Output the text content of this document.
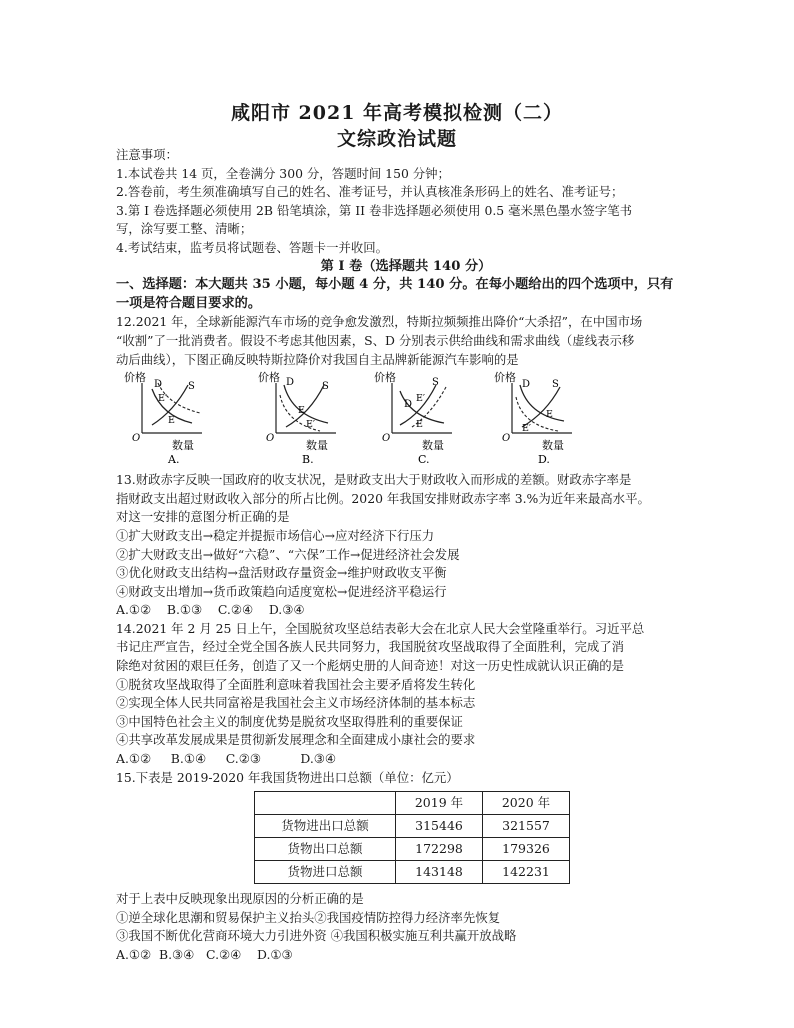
咸阳市 2021 年高考模拟检测（二）
文综政治试题
注意事项：
1.本试卷共 14 页，全卷满分 300 分，答题时间 150 分钟；
2.答卷前，考生须准确填写自己的姓名、准考证号，并认真核准条形码上的姓名、准考证号；
3.第 I 卷选择题必须使用 2B 铅笔填涂，第 II 卷非选择题必须使用 0.5 毫米黑色墨水签字笔书
写，涂写要工整、清晰；
4.考试结束，监考员将试题卷、答题卡一并收回。
第 I 卷（选择题共 140 分）
一、选择题：本大题共 35 小题，每小题 4 分，共 140 分。在每小题给出的四个选项中，只有
一项是符合题目要求的。
12.2021 年，全球新能源汽车市场的竞争愈发激烈，特斯拉频频推出降价“大杀招”，在中国市场
“收割”了一批消费者。假设不考虑其他因素，S、D 分别表示供给曲线和需求曲线（虚线表示移
动后曲线），下图正确反映特斯拉降价对我国自主品牌新能源汽车影响的是
价格
O
数量
D	S
E′
E
A.
价格
O
数量
D	S
E
E′
B.
价格
O
数量
D
S
E′
E
C.
价格
O
数量
D S
E
E′
D.
13.财政赤字反映一国政府的收支状况，是财政支出大于财政收入而形成的差额。财政赤字率是
指财政支出超过财政收入部分的所占比例。2020 年我国安排财政赤字率 3.%为近年来最高水平。
对这一安排的意图分析正确的是
①扩大财政支出→稳定并提振市场信心→应对经济下行压力
②扩大财政支出→做好“六稳”、“六保”工作→促进经济社会发展
③优化财政支出结构→盘活财政存量资金→维护财政收支平衡
④财政支出增加→货币政策趋向适度宽松→促进经济平稳运行
A.①②    B.①③    C.②④    D.③④
14.2021 年 2 月 25 日上午，全国脱贫攻坚总结表彰大会在北京人民大会堂隆重举行。习近平总
书记庄严宣告，经过全党全国各族人民共同努力，我国脱贫攻坚战取得了全面胜利，完成了消
除绝对贫困的艰巨任务，创造了又一个彪炳史册的人间奇迹！对这一历史性成就认识正确的是
①脱贫攻坚战取得了全面胜利意味着我国社会主要矛盾将发生转化
②实现全体人民共同富裕是我国社会主义市场经济体制的基本标志
③中国特色社会主义的制度优势是脱贫攻坚取得胜利的重要保证
④共享改革发展成果是贯彻新发展理念和全面建成小康社会的要求
A.①②     B.①④     C.②③          D.③④
15.下表是 2019-2020 年我国货物进出口总额（单位：亿元）
	2019 年	2020 年
货物进出口总额	315446	321557
货物出口总额	172298	179326
货物进口总额	143148	142231
对于上表中反映现象出现原因的分析正确的是
①逆全球化思潮和贸易保护主义抬头②我国疫情防控得力经济率先恢复
③我国不断优化营商环境大力引进外资 ④我国积极实施互利共赢开放战略
A.①②  B.③④   C.②④    D.①③
